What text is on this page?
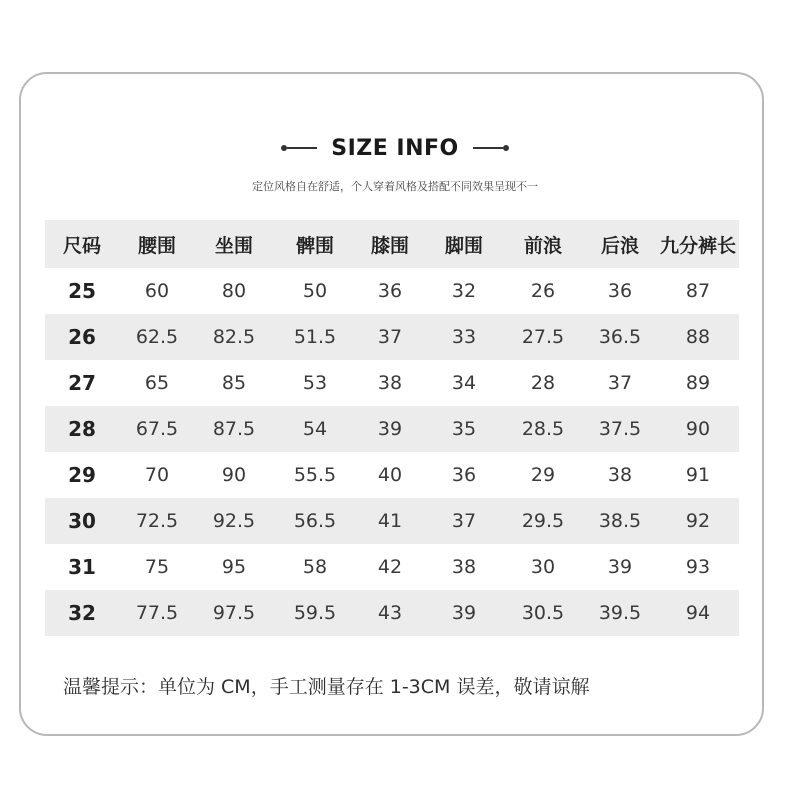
SIZE INFO
定位风格自在舒适，个人穿着风格及搭配不同效果呈现不一
尺码	腰围	坐围	髀围	膝围	脚围	前浪	后浪	九分裤长
25	60	80	50	36	32	26	36	87
26	62.5	82.5	51.5	37	33	27.5	36.5	88
27	65	85	53	38	34	28	37	89
28	67.5	87.5	54	39	35	28.5	37.5	90
29	70	90	55.5	40	36	29	38	91
30	72.5	92.5	56.5	41	37	29.5	38.5	92
31	75	95	58	42	38	30	39	93
32	77.5	97.5	59.5	43	39	30.5	39.5	94
温馨提示：单位为 CM，手工测量存在 1-3CM 误差，敬请谅解
